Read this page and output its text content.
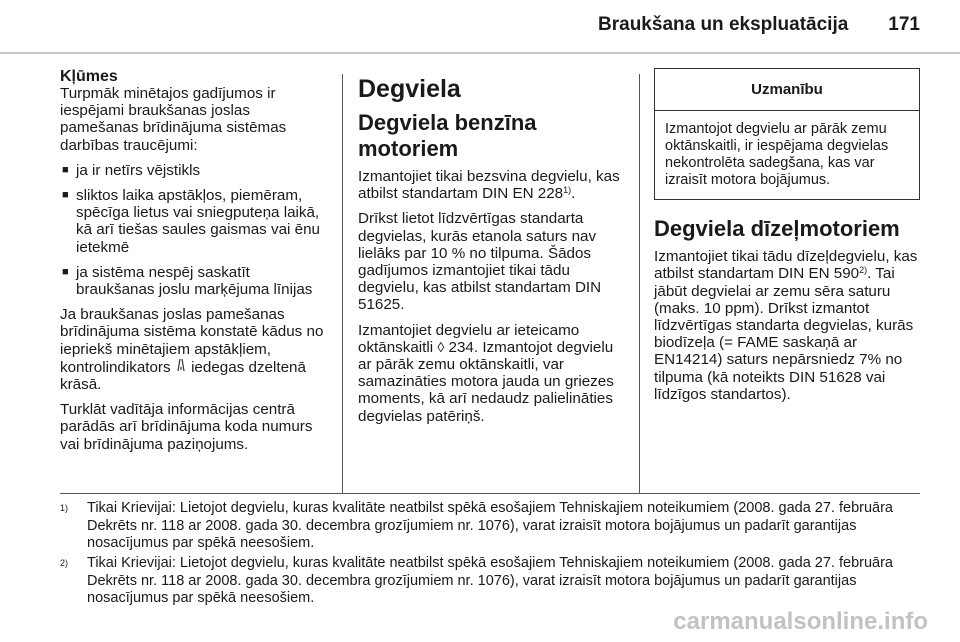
Braukšana un ekspluatācija 171
Kļūmes

Turpmāk minētajos gadījumos ir iespējami braukšanas joslas pamešanas brīdinājuma sistēmas darbības traucējumi:

■ ja ir netīrs vējstikls
■ sliktos laika apstākļos, piemēram, spēcīga lietus vai sniegputeņa laikā, kā arī tiešas saules gaismas vai ēnu ietekmē
■ ja sistēma nespēj saskatīt braukšanas joslu marķējuma līnijas

Ja braukšanas joslas pamešanas brīdinājuma sistēma konstatē kādus no iepriekš minētajiem apstākļiem, kontrolindikators iedegas dzeltenā krāsā.

Turklāt vadītāja informācijas centrā parādās arī brīdinājuma koda numurs vai brīdinājuma paziņojums.

Degviela
Degviela benzīna motoriem

Izmantojiet tikai bezsvina degvielu, kas atbilst standartam DIN EN 228$^{1)}$.

Drīkst lietot līdzvērtīgas standarta degvielas, kurās etanola saturs nav lielāks par 10 % no tilpuma. Šādos gadījumos izmantojiet tikai tādu degvielu, kas atbilst standartam DIN 51625.

Izmantojiet degvielu ar ieteicamo oktānskaitli ◊ 234. Izmantojot degvielu ar pārāk zemu oktānskaitli, var samazināties motora jauda un griezes moments, kā arī nedaudz palielināties degvielas patēriņš.

Uzmanību
Izmantojot degvielu ar pārāk zemu oktānskaitli, ir iespējama degvielas nekontrolēta sadegšana, kas var izraisīt motora bojājumus.
Degviela dīzeļmotoriem

Izmantojiet tikai tādu dīzeļdegvielu, kas atbilst standartam DIN EN 590$^{2)}$. Tai jābūt degvielai ar zemu sēra saturu (maks. 10 ppm). Drīkst izmantot līdzvērtīgas standarta degvielas, kurās biodīzeļa (= FAME saskaņā ar EN14214) saturs nepārsniedz 7% no tilpuma (kā noteikts DIN 51628 vai līdzīgos standartos).

1) Tikai Krievijai: Lietojot degvielu, kuras kvalitāte neatbilst spēkā esošajiem Tehniskajiem noteikumiem (2008. gada 27. februāra Dekrēts nr. 118 ar 2008. gada 30. decembra grozījumiem nr. 1076), varat izraisīt motora bojājumus un padarīt garantijas nosacījumus par spēkā neesošiem.
2) Tikai Krievijai: Lietojot degvielu, kuras kvalitāte neatbilst spēkā esošajiem Tehniskajiem noteikumiem (2008. gada 27. februāra Dekrēts nr. 118 ar 2008. gada 30. decembra grozījumiem nr. 1076), varat izraisīt motora bojājumus un padarīt garantijas nosacījumus par spēkā neesošiem.
carmanualsonline.info
